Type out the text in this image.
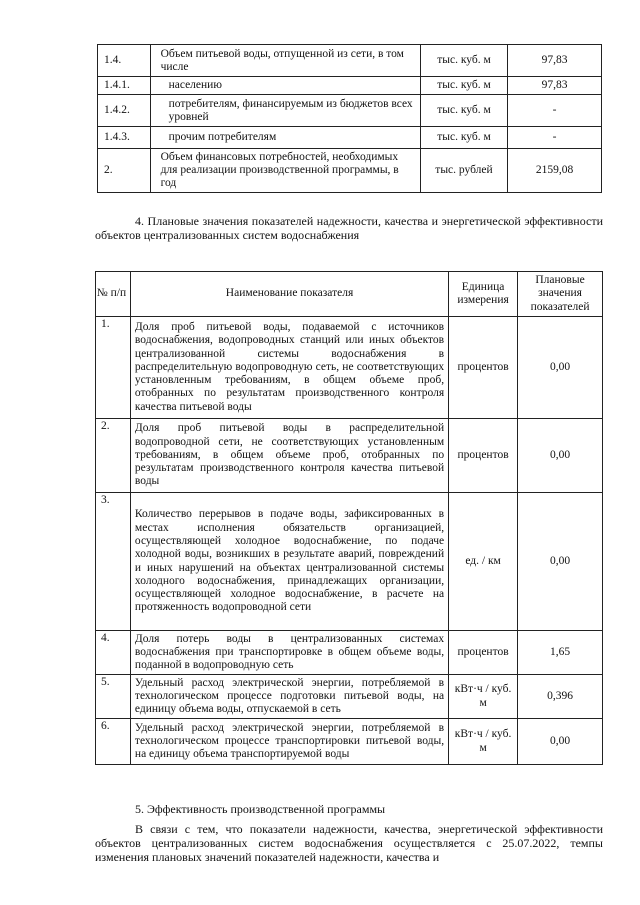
1.4.	Объем питьевой воды, отпущенной из сети, в том числе	тыс. куб. м	97,83
1.4.1.	населению	тыс. куб. м	97,83
1.4.2.	потребителям, финансируемым из бюджетов всех уровней	тыс. куб. м	-
1.4.3.	прочим потребителям	тыс. куб. м	-
2.	Объем финансовых потребностей, необходимых для реализации производственной программы, в год	тыс. рублей	2159,08
4. Плановые значения показателей надежности, качества и энергетической эффективности объектов централизованных систем водоснабжения
№ п/п	Наименование показателя	Единица измерения	Плановые значения показателей
1.	Доля проб питьевой воды, подаваемой с источников водоснабжения, водопроводных станций или иных объектов централизованной системы водоснабжения в распределительную водопроводную сеть, не соответствующих установленным требованиям, в общем объеме проб, отобранных по результатам производственного контроля качества питьевой воды	процентов	0,00
2.	Доля проб питьевой воды в распределительной водопроводной сети, не соответствующих установленным требованиям, в общем объеме проб, отобранных по результатам производственного контроля качества питьевой воды	процентов	0,00
3.	Количество перерывов в подаче воды, зафиксированных в местах исполнения обязательств организацией, осуществляющей холодное водоснабжение, по подаче холодной воды, возникших в результате аварий, повреждений и иных нарушений на объектах централизованной системы холодного водоснабжения, принадлежащих организации, осуществляющей холодное водоснабжение, в расчете на протяженность водопроводной сети	ед. / км	0,00
4.	Доля потерь воды в централизованных системах водоснабжения при транспортировке в общем объеме воды, поданной в водопроводную сеть	процентов	1,65
5.	Удельный расход электрической энергии, потребляемой в технологическом процессе подготовки питьевой воды, на единицу объема воды, отпускаемой в сеть	кВт·ч / куб. м	0,396
6.	Удельный расход электрической энергии, потребляемой в технологическом процессе транспортировки питьевой воды, на единицу объема транспортируемой воды	кВт·ч / куб. м	0,00
5. Эффективность производственной программы
В связи с тем, что показатели надежности, качества, энергетической эффективности объектов централизованных систем водоснабжения осуществляется с 25.07.2022, темпы изменения плановых значений показателей надежности, качества и
